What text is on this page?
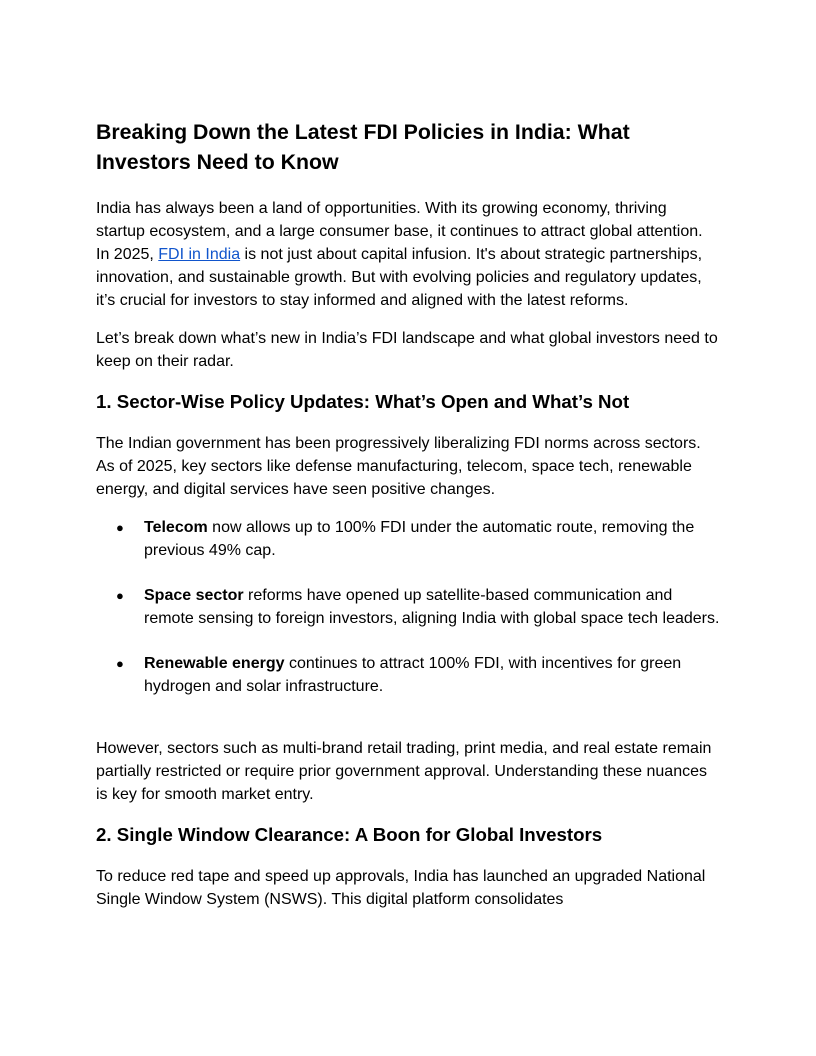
Breaking Down the Latest FDI Policies in India: What Investors Need to Know

India has always been a land of opportunities. With its growing economy, thriving startup ecosystem, and a large consumer base, it continues to attract global attention. In 2025, FDI in India is not just about capital infusion. It's about strategic partnerships, innovation, and sustainable growth. But with evolving policies and regulatory updates, it’s crucial for investors to stay informed and aligned with the latest reforms.

Let’s break down what’s new in India’s FDI landscape and what global investors need to keep on their radar.

1. Sector-Wise Policy Updates: What’s Open and What’s Not

The Indian government has been progressively liberalizing FDI norms across sectors. As of 2025, key sectors like defense manufacturing, telecom, space tech, renewable energy, and digital services have seen positive changes.

● Telecom now allows up to 100% FDI under the automatic route, removing the previous 49% cap.
● Space sector reforms have opened up satellite-based communication and remote sensing to foreign investors, aligning India with global space tech leaders.
● Renewable energy continues to attract 100% FDI, with incentives for green hydrogen and solar infrastructure.

However, sectors such as multi-brand retail trading, print media, and real estate remain partially restricted or require prior government approval. Understanding these nuances is key for smooth market entry.

2. Single Window Clearance: A Boon for Global Investors

To reduce red tape and speed up approvals, India has launched an upgraded National Single Window System (NSWS). This digital platform consolidates
